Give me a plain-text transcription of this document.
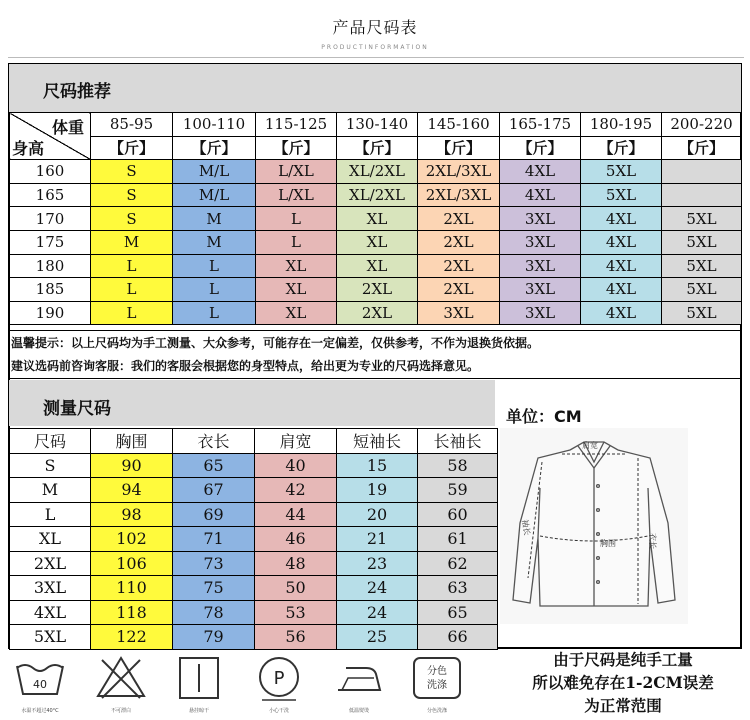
产品尺码表
PRODUCTINFORMATION
尺码推荐
体重
身高	85-95	100-110	115-125	130-140	145-160	165-175	180-195	200-220
	【斤】	【斤】	【斤】	【斤】	【斤】	【斤】	【斤】	【斤】
160	S	M/L	L/XL	XL/2XL	2XL/3XL	4XL	5XL	
165	S	M/L	L/XL	XL/2XL	2XL/3XL	4XL	5XL	
170	S	M	L	XL	2XL	3XL	4XL	5XL
175	M	M	L	XL	2XL	3XL	4XL	5XL
180	L	L	XL	XL	2XL	3XL	4XL	5XL
185	L	L	XL	2XL	2XL	3XL	4XL	5XL
190	L	L	XL	2XL	3XL	3XL	4XL	5XL
温馨提示：以上尺码均为手工测量、大众参考，可能存在一定偏差，仅供参考，不作为退换货依据。
建议选码前咨询客服：我们的客服会根据您的身型特点，给出更为专业的尺码选择意见。
测量尺码
尺码	胸围	衣长	肩宽	短袖长	长袖长
S	90	65	40	15	58
M	94	67	42	19	59
L	98	69	44	20	60
XL	102	71	46	21	61
2XL	106	73	48	23	62
3XL	110	75	50	24	63
4XL	118	78	53	24	65
5XL	122	79	56	25	66
单位：CM
肩宽
胸围	衣长
袖长
40
水温不超过40°C	不可漂白	悬挂晾干
P
小心干洗	低温熨烫
分色
洗涤
分色洗涤
由于尺码是纯手工量
所以难免存在1-2CM误差
为正常范围
